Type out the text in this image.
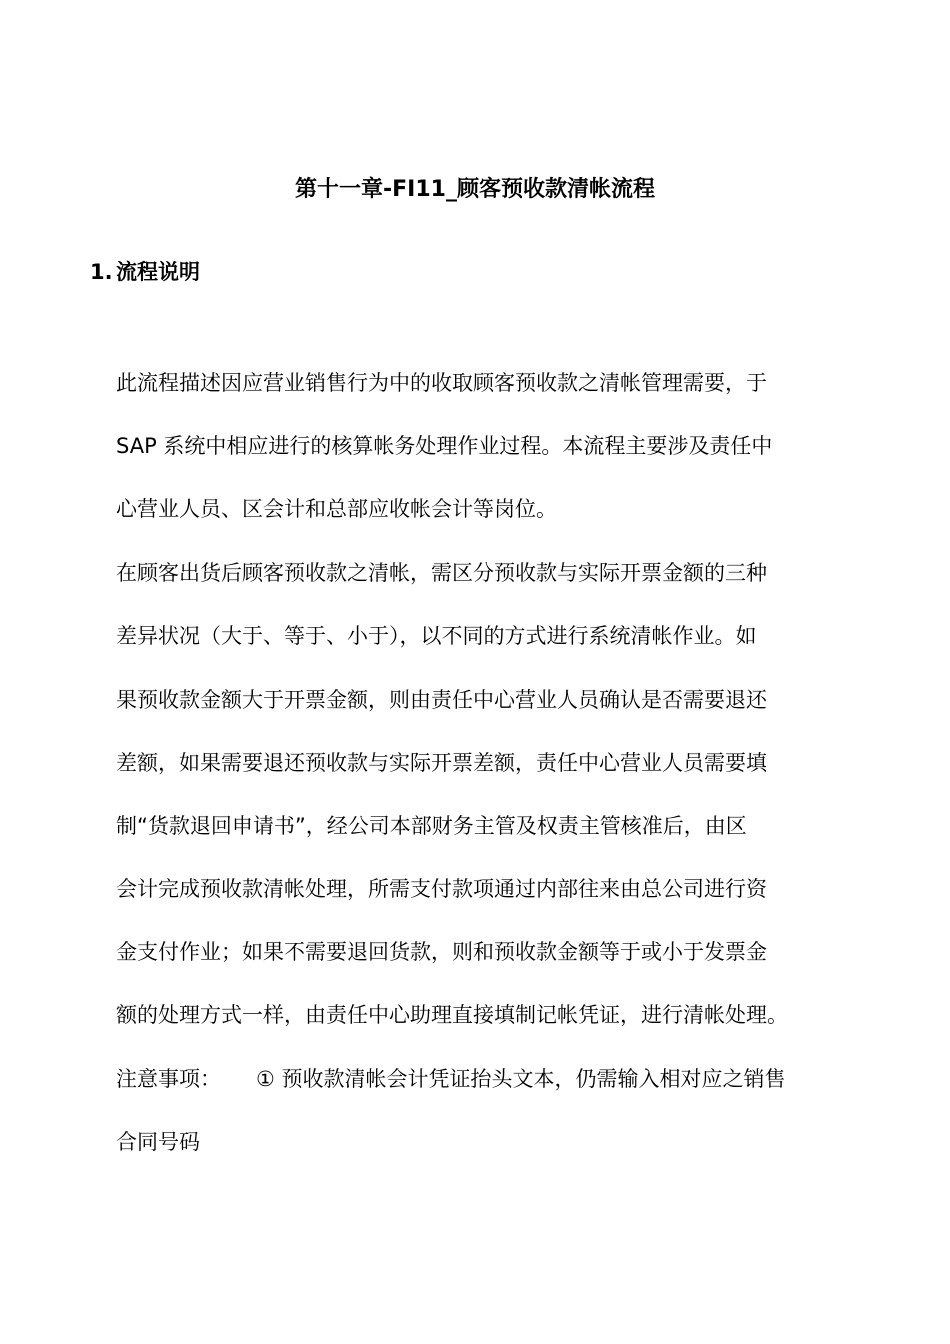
第十一章-FI11_顾客预收款清帐流程
1. 流程说明
此流程描述因应营业销售行为中的收取顾客预收款之清帐管理需要，于
SAP 系统中相应进行的核算帐务处理作业过程。本流程主要涉及责任中
心营业人员、区会计和总部应收帐会计等岗位。
在顾客出货后顾客预收款之清帐，需区分预收款与实际开票金额的三种
差异状况（大于、等于、小于），以不同的方式进行系统清帐作业。如
果预收款金额大于开票金额，则由责任中心营业人员确认是否需要退还
差额，如果需要退还预收款与实际开票差额，责任中心营业人员需要填
制“货款退回申请书”，经公司本部财务主管及权责主管核准后，由区
会计完成预收款清帐处理，所需支付款项通过内部往来由总公司进行资
金支付作业；如果不需要退回货款，则和预收款金额等于或小于发票金
额的处理方式一样，由责任中心助理直接填制记帐凭证，进行清帐处理。
注意事项： ① 预收款清帐会计凭证抬头文本，仍需输入相对应之销售
合同号码
